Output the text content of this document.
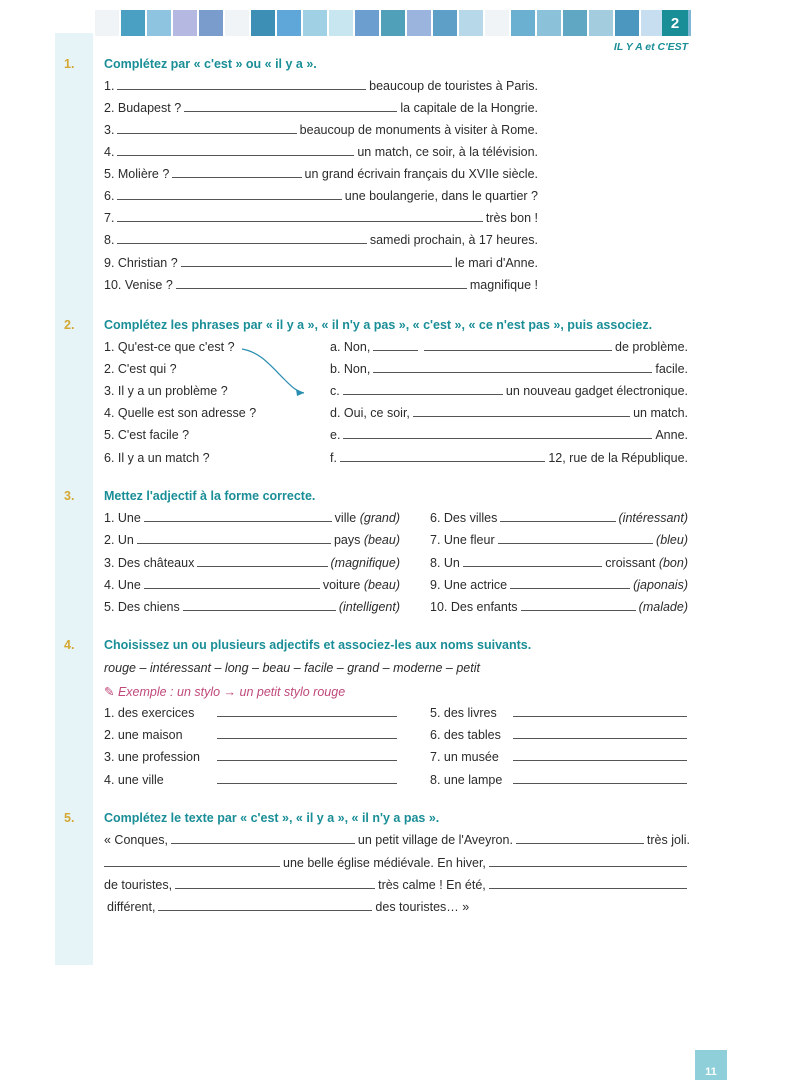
2
IL Y A et C'EST
1.	Complétez par « c'est » ou « il y a ».
1.	beaucoup de touristes à Paris.
2. Budapest ?	la capitale de la Hongrie.
3.	beaucoup de monuments à visiter à Rome.
4.	un match, ce soir, à la télévision.
5. Molière ?	un grand écrivain français du XVIIe siècle.
6.	une boulangerie, dans le quartier ?
7.	très bon !
8.	samedi prochain, à 17 heures.
9. Christian ?	le mari d'Anne.
10. Venise ?	magnifique !
2.	Complétez les phrases par « il y a », « il n'y a pas », « c'est », « ce n'est pas », puis associez.
1. Qu'est-ce que c'est ?
2. C'est qui ?
3. Il y a un problème ?
4. Quelle est son adresse ?
5. C'est facile ?
6. Il y a un match ?
a. Non,	de problème.
b. Non,	facile.
c.	un nouveau gadget électronique.
d. Oui, ce soir,	un match.
e.	Anne.
f.	12, rue de la République.
3.	Mettez l'adjectif à la forme correcte.
1. Une	ville
(grand)
2. Un	pays
(beau)
3. Des châteaux	(magnifique)
4. Une	voiture
(beau)
5. Des chiens	(intelligent)
6. Des villes	(intéressant)
7. Une fleur	(bleu)
8. Un	croissant
(bon)
9. Une actrice	(japonais)
10. Des enfants	(malade)
4.	Choisissez un ou plusieurs adjectifs et associez-les aux noms suivants.
rouge – intéressant – long – beau – facile – grand – moderne – petit
✎ Exemple : un stylo → un petit stylo rouge
1. des exercices
2. une maison
3. une profession
4. une ville
5. des livres
6. des tables
7. un musée
8. une lampe
5.	Complétez le texte par « c'est », « il y a », « il n'y a pas ».
« Conques,	un petit village de l'Aveyron.	très joli.
une belle église médiévale. En hiver,
de touristes,	très calme ! En été,
différent,	des touristes… »
11
